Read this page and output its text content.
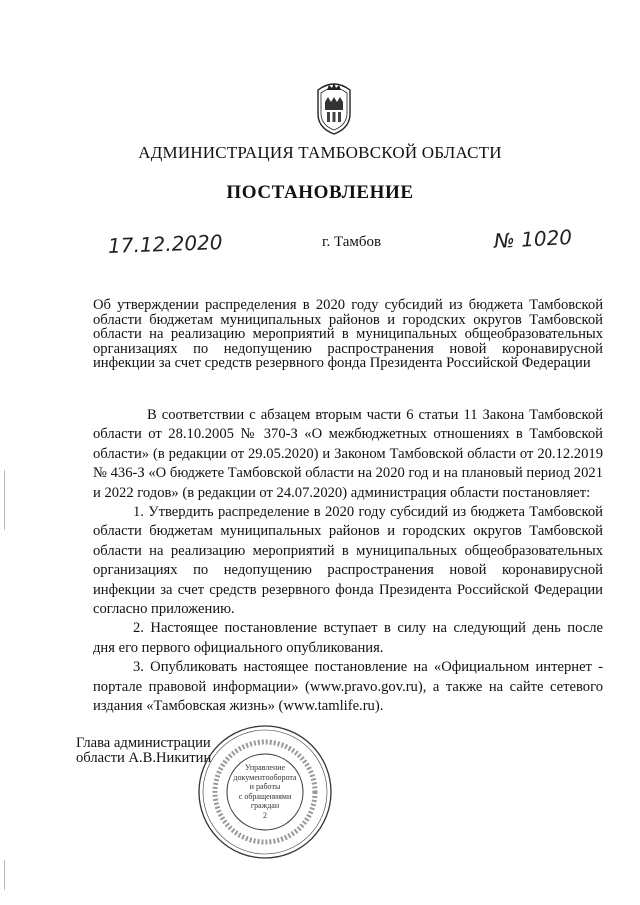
АДМИНИСТРАЦИЯ ТАМБОВСКОЙ ОБЛАСТИ
ПОСТАНОВЛЕНИЕ
17.12.2020	г. Тамбов	№ 1020
Об утверждении распределения в 2020 году субсидий из бюджета Тамбовской области бюджетам муниципальных районов и городских округов Тамбовской области на реализацию мероприятий в муниципальных общеобразовательных организациях по недопущению распространения новой коронавирусной инфекции за счет средств резервного фонда Президента Российской Федерации

В соответствии с абзацем вторым части 6 статьи 11 Закона Тамбовской области от 28.10.2005 № 370-З «О межбюджетных отношениях в Тамбовской области» (в редакции от 29.05.2020) и Законом Тамбовской области от 20.12.2019 № 436-З «О бюджете Тамбовской области на 2020 год и на плановый период 2021 и 2022 годов» (в редакции от 24.07.2020) администрация области постановляет:

1. Утвердить распределение в 2020 году субсидий из бюджета Тамбовской области бюджетам муниципальных районов и городских округов Тамбовской области на реализацию мероприятий в муниципальных общеобразовательных организациях по недопущению распространения новой коронавирусной инфекции за счет средств резервного фонда Президента Российской Федерации согласно приложению.

2. Настоящее постановление вступает в силу на следующий день после дня его первого официального опубликования.

3. Опубликовать настоящее постановление на «Официальном интернет - портале правовой информации» (www.pravo.gov.ru), а также на сайте сетевого издания «Тамбовская жизнь» (www.tamlife.ru).

Глава администрации
области А.В.Никитин
Управление
документооборота
и работы
с обращениями
граждан
2
